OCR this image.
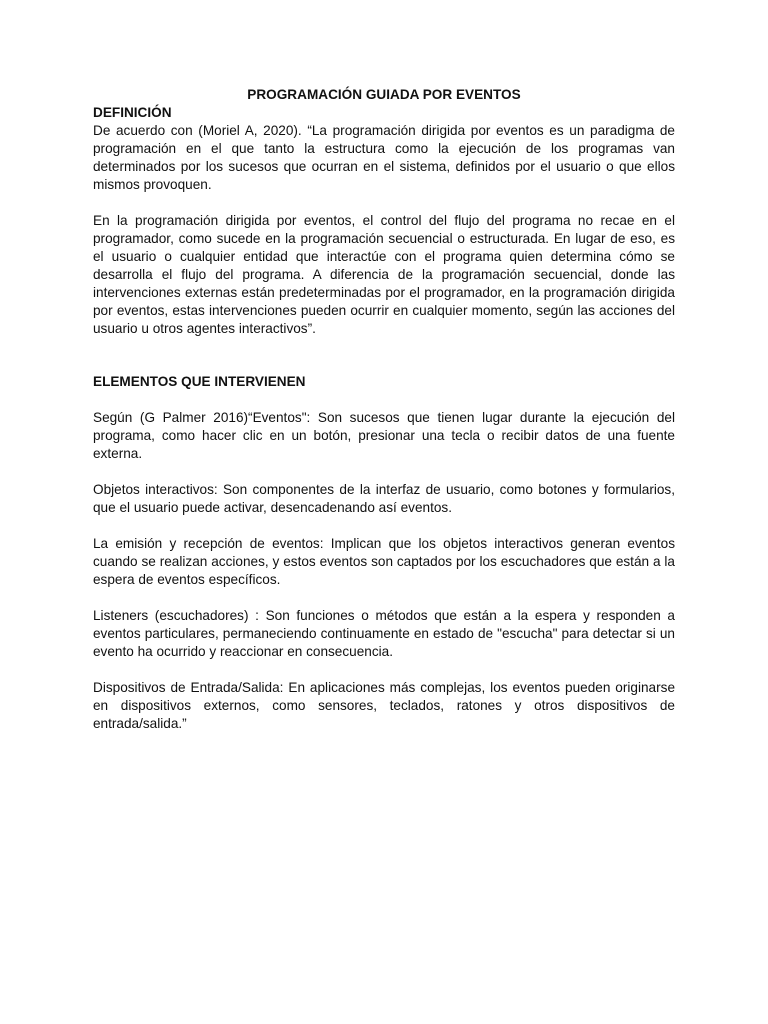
PROGRAMACIÓN GUIADA POR EVENTOS
DEFINICIÓN

De acuerdo con (Moriel A, 2020). “La programación dirigida por eventos es un paradigma de programación en el que tanto la estructura como la ejecución de los programas van determinados por los sucesos que ocurran en el sistema, definidos por el usuario o que ellos mismos provoquen.

En la programación dirigida por eventos, el control del flujo del programa no recae en el programador, como sucede en la programación secuencial o estructurada. En lugar de eso, es el usuario o cualquier entidad que interactúe con el programa quien determina cómo se desarrolla el flujo del programa. A diferencia de la programación secuencial, donde las intervenciones externas están predeterminadas por el programador, en la programación dirigida por eventos, estas intervenciones pueden ocurrir en cualquier momento, según las acciones del usuario u otros agentes interactivos”.

ELEMENTOS QUE INTERVIENEN

Según (G Palmer 2016)“Eventos": Son sucesos que tienen lugar durante la ejecución del programa, como hacer clic en un botón, presionar una tecla o recibir datos de una fuente externa.

Objetos interactivos: Son componentes de la interfaz de usuario, como botones y formularios, que el usuario puede activar, desencadenando así eventos.

La emisión y recepción de eventos: Implican que los objetos interactivos generan eventos cuando se realizan acciones, y estos eventos son captados por los escuchadores que están a la espera de eventos específicos.

Listeners (escuchadores) : Son funciones o métodos que están a la espera y responden a eventos particulares, permaneciendo continuamente en estado de "escucha" para detectar si un evento ha ocurrido y reaccionar en consecuencia.

Dispositivos de Entrada/Salida: En aplicaciones más complejas, los eventos pueden originarse en dispositivos externos, como sensores, teclados, ratones y otros dispositivos de entrada/salida.”
